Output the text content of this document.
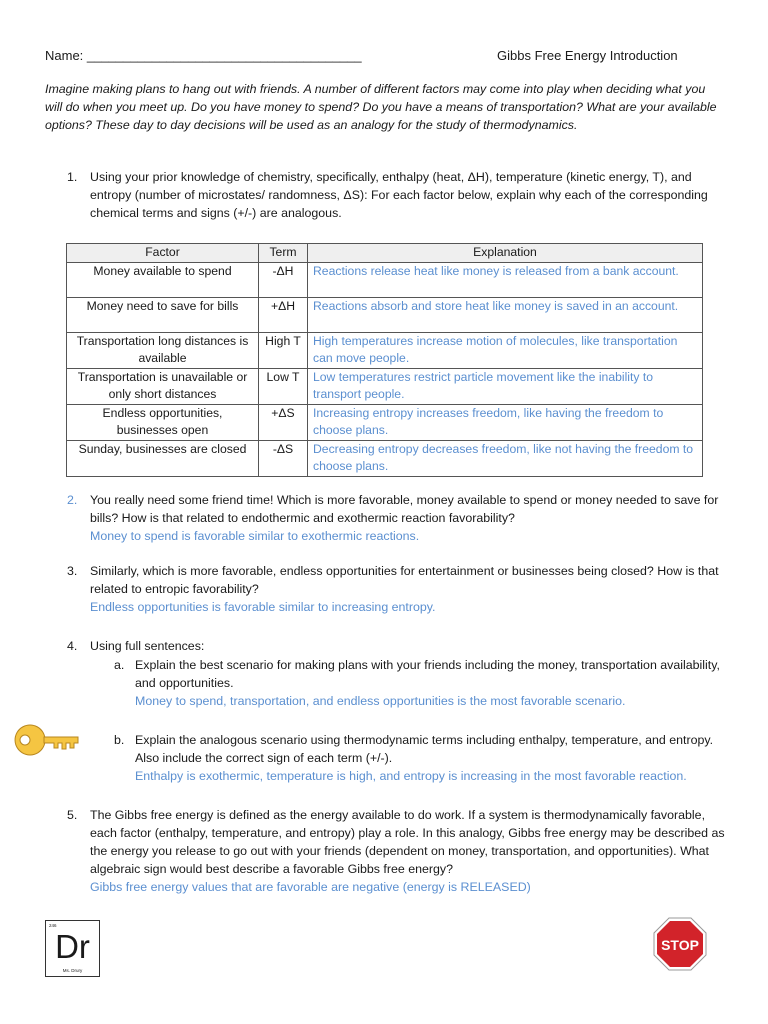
Name: ______________________________________	Gibbs Free Energy Introduction
Imagine making plans to hang out with friends. A number of different factors may come into play when deciding what you will do when you meet up. Do you have money to spend? Do you have a means of transportation? What are your available options? These day to day decisions will be used as an analogy for the study of thermodynamics.
1. Using your prior knowledge of chemistry, specifically, enthalpy (heat, ΔH), temperature (kinetic energy, T), and entropy (number of microstates/ randomness, ΔS): For each factor below, explain why each of the corresponding chemical terms and signs (+/-) are analogous.
Factor	Term	Explanation
Money available to spend	-ΔH	Reactions release heat like money is released from a bank account.
Money need to save for bills	+ΔH	Reactions absorb and store heat like money is saved in an account.
Transportation long distances is available	High T	High temperatures increase motion of molecules, like transportation can move people.
Transportation is unavailable or only short distances	Low T	Low temperatures restrict particle movement like the inability to transport people.
Endless opportunities, businesses open	+ΔS	Increasing entropy increases freedom, like having the freedom to choose plans.
Sunday, businesses are closed	-ΔS	Decreasing entropy decreases freedom, like not having the freedom to choose plans.
2. You really need some friend time! Which is more favorable, money available to spend or money needed to save for bills? How is that related to endothermic and exothermic reaction favorability?
Money to spend is favorable similar to exothermic reactions.
3. Similarly, which is more favorable, endless opportunities for entertainment or businesses being closed? How is that related to entropic favorability?
Endless opportunities is favorable similar to increasing entropy.
4. Using full sentences:
a. Explain the best scenario for making plans with your friends including the money, transportation availability, and opportunities.
Money to spend, transportation, and endless opportunities is the most favorable scenario.
b. Explain the analogous scenario using thermodynamic terms including enthalpy, temperature, and entropy. Also include the correct sign of each term (+/-).
Enthalpy is exothermic, temperature is high, and entropy is increasing in the most favorable reaction.
5. The Gibbs free energy is defined as the energy available to do work. If a system is thermodynamically favorable, each factor (enthalpy, temperature, and entropy) play a role. In this analogy, Gibbs free energy may be described as the energy you release to go out with your friends (dependent on money, transportation, and opportunities). What algebraic sign would best describe a favorable Gibbs free energy?
Gibbs free energy values that are favorable are negative (energy is RELEASED)
246
Dr
Ms. Drury
STOP
